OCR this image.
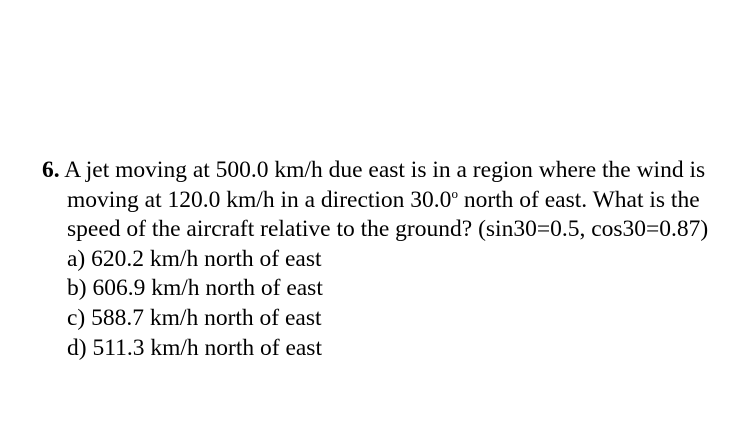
6. A jet moving at 500.0 km/h due east is in a region where the wind is
moving at 120.0 km/h in a direction 30.0$^o$ north of east. What is the
speed of the aircraft relative to the ground? (sin30=0.5, cos30=0.87)
a) 620.2 km/h north of east
b) 606.9 km/h north of east
c) 588.7 km/h north of east
d) 511.3 km/h north of east
